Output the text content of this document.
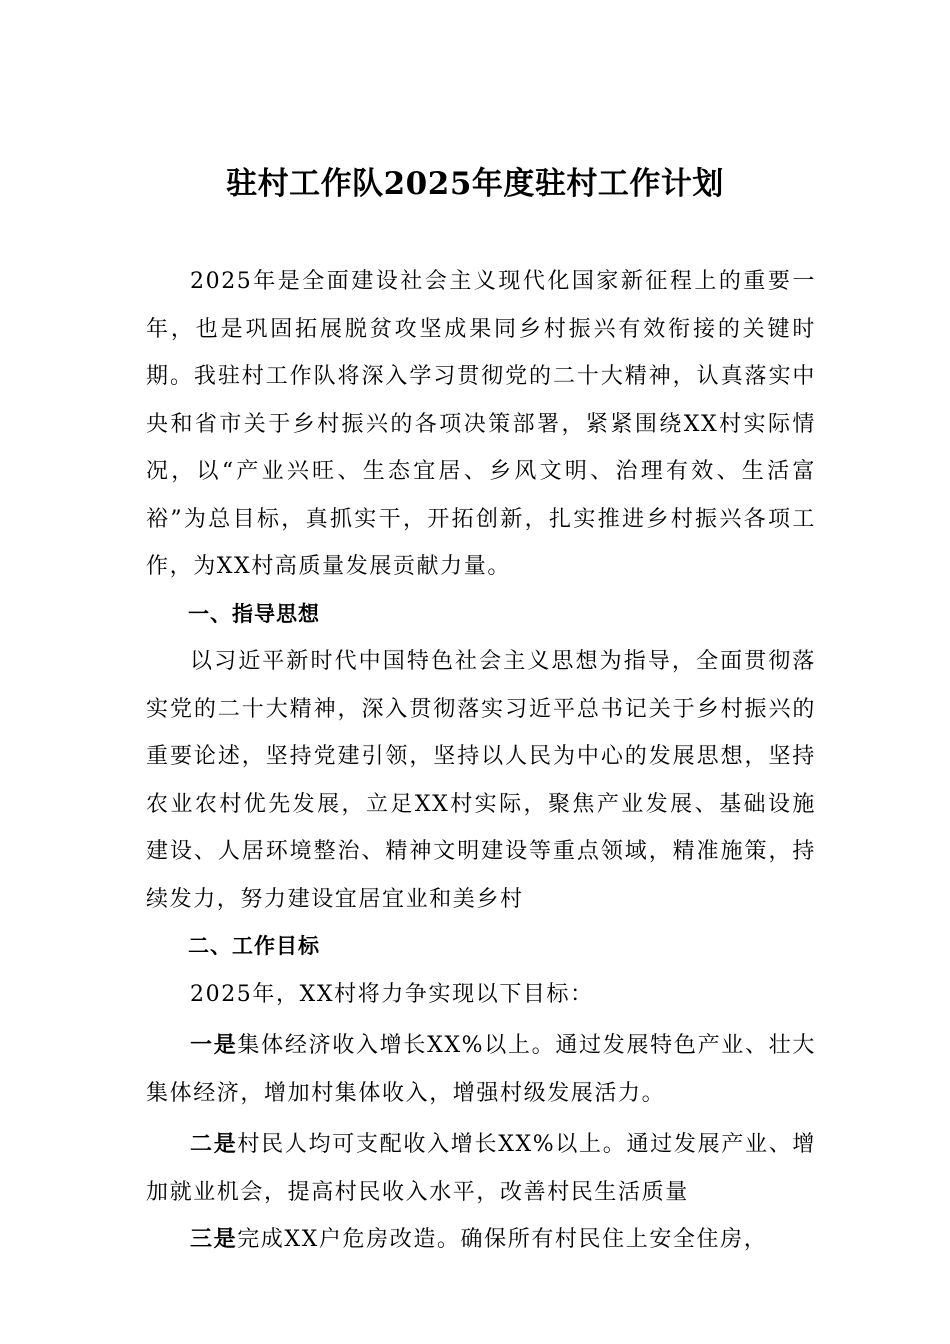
驻村工作队2025年度驻村工作计划

2025年是全面建设社会主义现代化国家新征程上的重要一年，也是巩固拓展脱贫攻坚成果同乡村振兴有效衔接的关键时期。我驻村工作队将深入学习贯彻党的二十大精神，认真落实中央和省市关于乡村振兴的各项决策部署，紧紧围绕XX村实际情况，以“产业兴旺、生态宜居、乡风文明、治理有效、生活富裕”为总目标，真抓实干，开拓创新，扎实推进乡村振兴各项工作，为XX村高质量发展贡献力量。

一、指导思想

以习近平新时代中国特色社会主义思想为指导，全面贯彻落实党的二十大精神，深入贯彻落实习近平总书记关于乡村振兴的重要论述，坚持党建引领，坚持以人民为中心的发展思想，坚持农业农村优先发展，立足XX村实际，聚焦产业发展、基础设施建设、人居环境整治、精神文明建设等重点领域，精准施策，持续发力，努力建设宜居宜业和美乡村

二、工作目标

2025年，XX村将力争实现以下目标：

一是集体经济收入增长XX%以上。通过发展特色产业、壮大集体经济，增加村集体收入，增强村级发展活力。

二是村民人均可支配收入增长XX%以上。通过发展产业、增加就业机会，提高村民收入水平，改善村民生活质量

三是完成XX户危房改造。确保所有村民住上安全住房，
